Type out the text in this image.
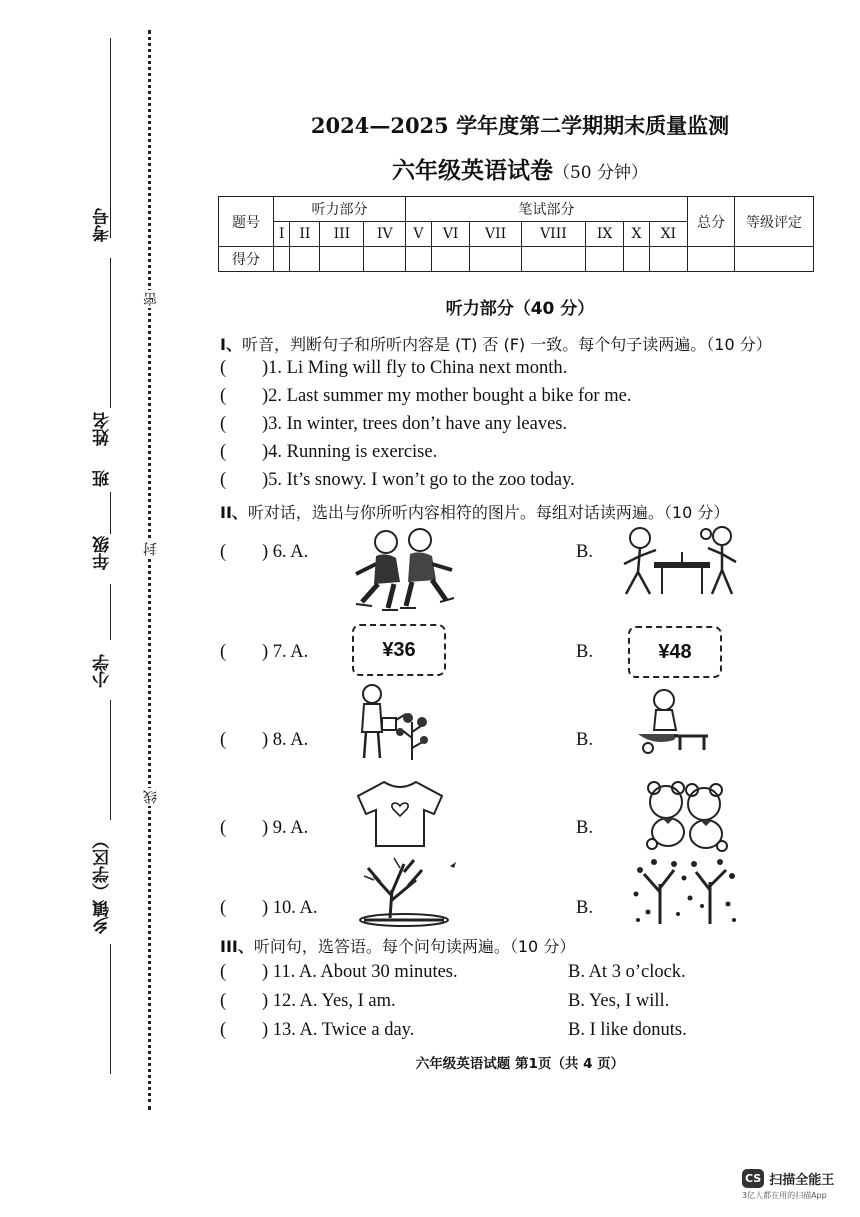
考号
姓名
班
年级
小学
乡镇（学区）
密
封
线
2024—2025 学年度第二学期期末质量监测
六年级英语试卷（50 分钟）
题号	听力部分				笔试部分							总分	等级评定
	I	II	III	IV	V	VI	VII	VIII	IX	X	XI		
得分													
听力部分（40 分）
I、听音，判断句子和所听内容是 (T) 否 (F) 一致。每个句子读两遍。（10 分）
( )1. Li Ming will fly to China next month.
( )2. Last summer my mother bought a bike for me.
( )3. In winter, trees don’t have any leaves.
( )4. Running is exercise.
( )5. It’s snowy. I won’t go to the zoo today.
II、听对话，选出与你所听内容相符的图片。每组对话读两遍。（10 分）
( ) 6. A.	B.
( ) 7. A.	¥36	B.	¥48
( ) 8. A.	B.
( ) 9. A.	B.
( ) 10. A.	B.
III、听问句，选答语。每个问句读两遍。（10 分）
( ) 11. A. About 30 minutes.	B. At 3 o’clock.
( ) 12. A. Yes, I am.	B. Yes, I will.
( ) 13. A. Twice a day.	B. I like donuts.
六年级英语试题 第1页（共 4 页）
CS 扫描全能王
3亿人都在用的扫描App
